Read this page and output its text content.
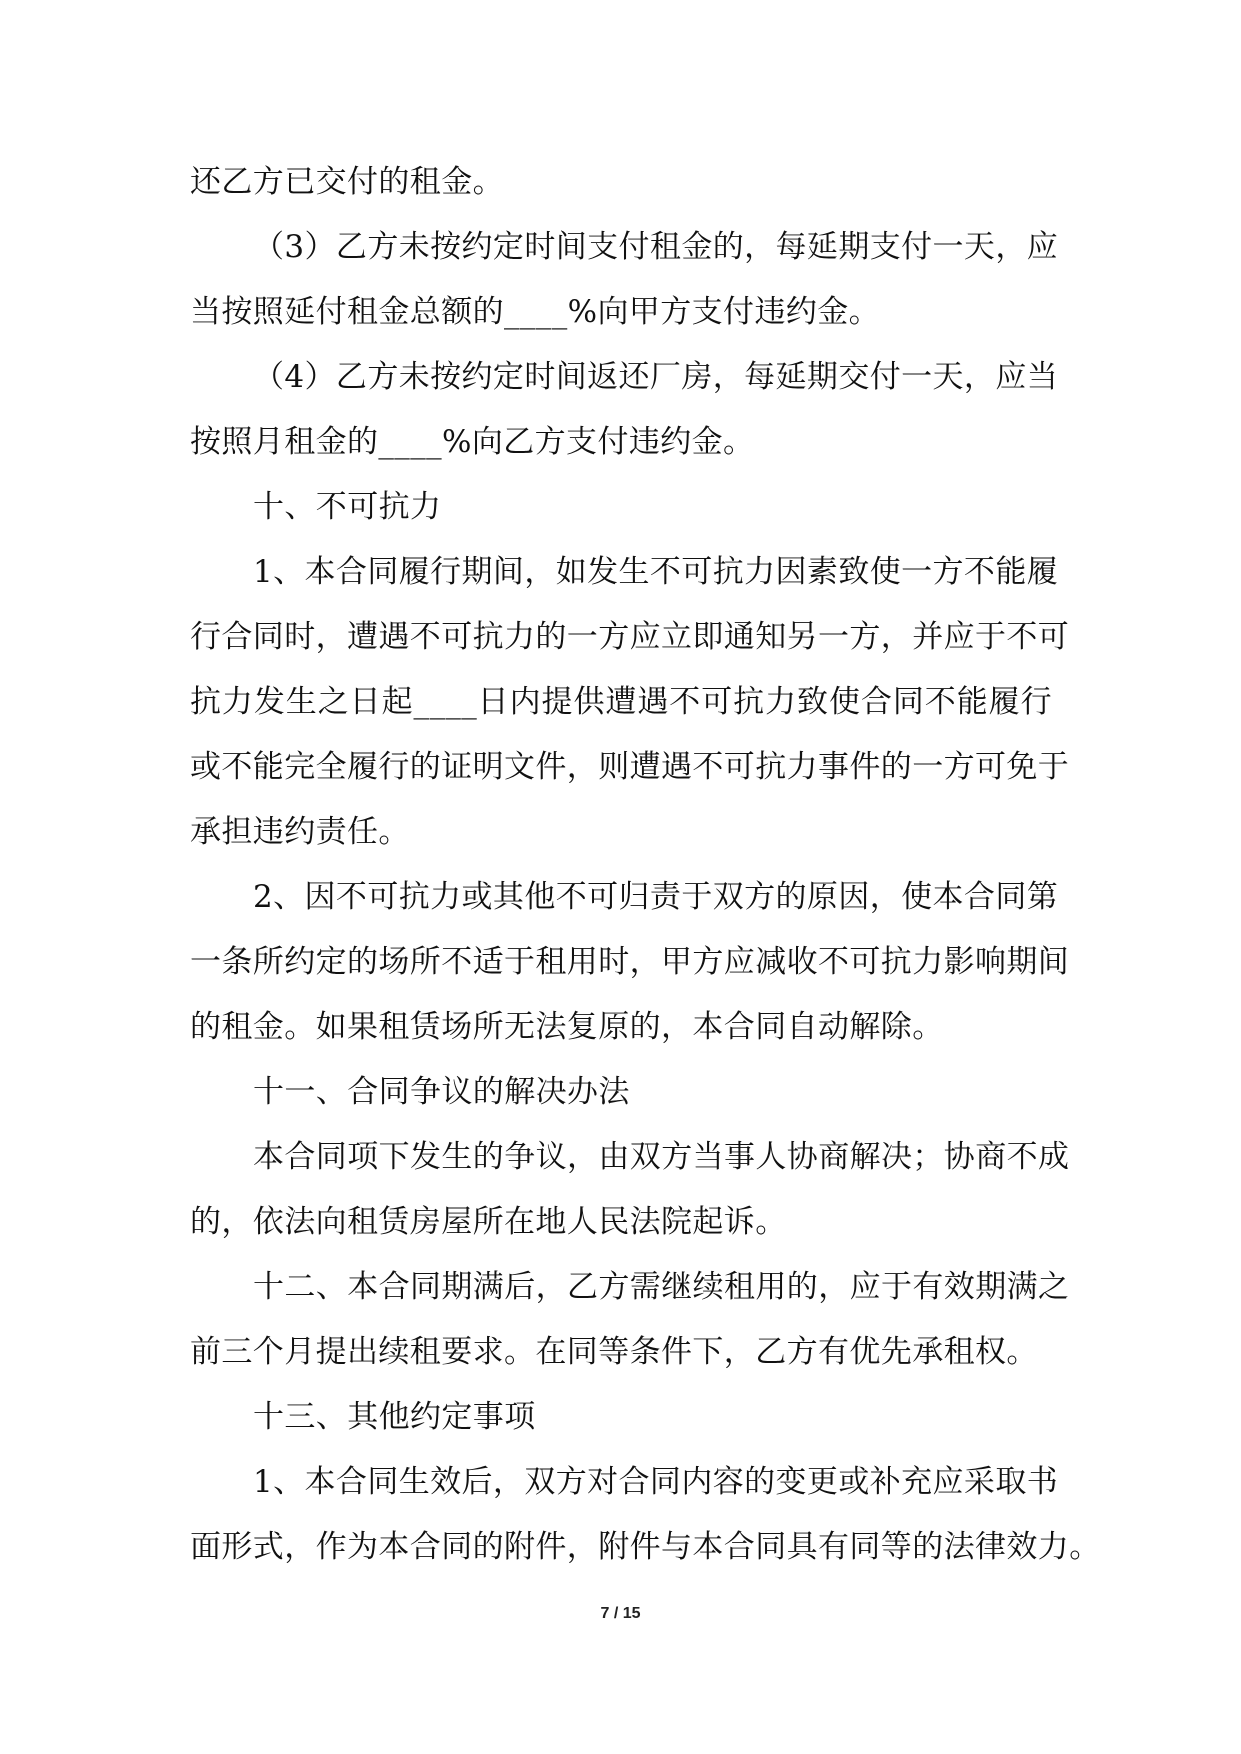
还乙方已交付的租金。
（3）乙方未按约定时间支付租金的，每延期支付一天，应
当按照延付租金总额的____%向甲方支付违约金。
（4）乙方未按约定时间返还厂房，每延期交付一天，应当
按照月租金的____%向乙方支付违约金。
十、不可抗力
1、本合同履行期间，如发生不可抗力因素致使一方不能履
行合同时，遭遇不可抗力的一方应立即通知另一方，并应于不可
抗力发生之日起____日内提供遭遇不可抗力致使合同不能履行
或不能完全履行的证明文件，则遭遇不可抗力事件的一方可免于
承担违约责任。
2、因不可抗力或其他不可归责于双方的原因，使本合同第
一条所约定的场所不适于租用时，甲方应减收不可抗力影响期间
的租金。如果租赁场所无法复原的，本合同自动解除。
十一、合同争议的解决办法
本合同项下发生的争议，由双方当事人协商解决；协商不成
的，依法向租赁房屋所在地人民法院起诉。
十二、本合同期满后，乙方需继续租用的，应于有效期满之
前三个月提出续租要求。在同等条件下，乙方有优先承租权。
十三、其他约定事项
1、本合同生效后，双方对合同内容的变更或补充应采取书
面形式，作为本合同的附件，附件与本合同具有同等的法律效力。
7 / 15
